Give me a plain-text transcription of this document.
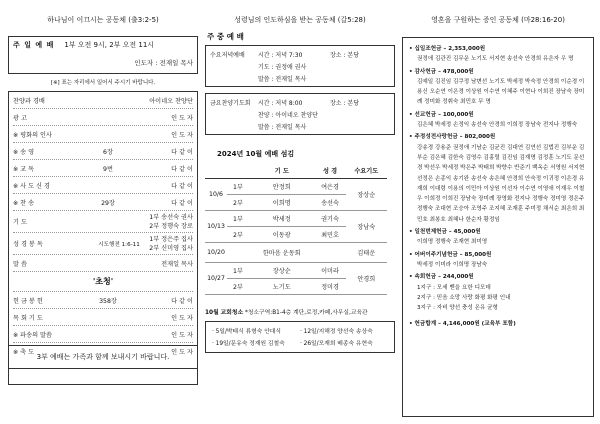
하나님이 이끄시는 공동체 (출3:2-5)
주 일 예 배 1부 오전 9시, 2부 오전 11시
인도자 : 전재일 목사
[※] 표는 자리에서 일어서 주시기 바랍니다.
찬양과 경배	아이네오 찬양단
광 고	인 도 자
※ 평화의 인사	인 도 자
※ 송 영	6장	다 같 이
※ 교 독	9번	다 같 이
※ 사 도 신 경	다 같 이
※ 찬 송	29장	다 같 이
기 도
1부 송선숙 권사
2부 정행숙 장로
성 경 봉 독	시도행전 1:6-11
1부 정은주 집사
2부 신미영 집사
말 씀	전재일 목사
'초청'
헌 금 봉 헌	358장	다 같 이
목 회 기 도	인 도 자
※ 파송의 말씀	인 도 자
※ 축 도	인 도 자
3부 예배는 가족과 함께 보내시기 바랍니다.
성령님의 인도하심을 받는 공동체 (갈5:28)
주 중 예 배
수요저녁예배	시간 : 저녁 7:30	장소 : 본당
기도 : 권정애 권사
말씀 : 전재일 목사
금요찬양기도회	시간 : 저녁 8:00	장소 : 본당
찬양 : 아이네오 찬양단
말씀 : 전재일 목사
2024년 10월 예배 섬김
		기 도	성 경	수요기도
10/6	1부	안정희	여은경	장상순
	2부	이희명	송선숙	
10/13	1부	박세정	권기숙	장남숙
	2부	이동광	최민호	
10/20		한마음 운동회		김태운
10/27	1부	장상순	이미라	안경희
	2부	노기도	정미경	
10월 교회청소 *청소구역:B1-4층 계단,로정,카페,사무실,교육관
· 5일/박태식 류형숙 안대식	· 12일/지해정 양선숙 송상숙
· 19일/문유숙 정재원 김철숙	· 26일/모재희 배종숙 유현숙
영혼을 구원하는 증인 공동체 (마28:16-20)
• 십일조헌금 – 2,353,000원
권정애 김관진 김무운 노기도 서지현 송선숙 안경희 유은자 우 명
• 감사헌금 – 478,000원
김예일 김진임 김쿠정 남변선 노기도 박세정 박숙정 안경희 이순경 이용신 오순연 이은경 이상원 이수연 이혜주 이현나 이희진 장남숙 장미례 정미화 정휘숙 최민호 무 명
• 선교헌금 – 100,000원
김은혜 박세정 손정익 송선숙 안경희 이희정 장남숙 전지나 정행숙
• 주정성전사랑헌금 – 802,000원
강송경 강용준 권정애 기남순 김균진 김대연 김연선 김법진 김부운 김부순 김은혜 김한숙 김영수 김홍렬 김진임 김재명 김정훈 노기도 문선경 박선우 박세정 박은주 박태희 박향수 반준기 백옥순 서영원 서지현 선정은 손종익 송기완 송선숙 송은혜 안경희 안숙정 이귀정 이은경 유재희 이대령 이용의 이민아 이상원 이선자 이수연 이영애 이재우 이철우 이희정 이희진 장남숙 장미례 장영화 전지나 정행숙 정미영 정은주 정행숙 조대현 조승아 조영주 조지혜 조재훈 주미정 채서순 최은희 최민호 최봉호 최혜나 한순자 황정임
• 일천번제헌금 – 45,000원
이희명 정행숙 조재현 최미영
• 어버이주기념헌금 – 85,000원
박세정 이미라 이희명 장남숙
• 속회헌금 – 244,000원
1지구 : 모세 벧을 요한 디모데
2지구 : 믿음 소망 사랑 화평 화평 인내
3지구 : 자비 양선 충성 온유 균형
• 헌금합계 – 4,146,000원 (교육부 포함)
